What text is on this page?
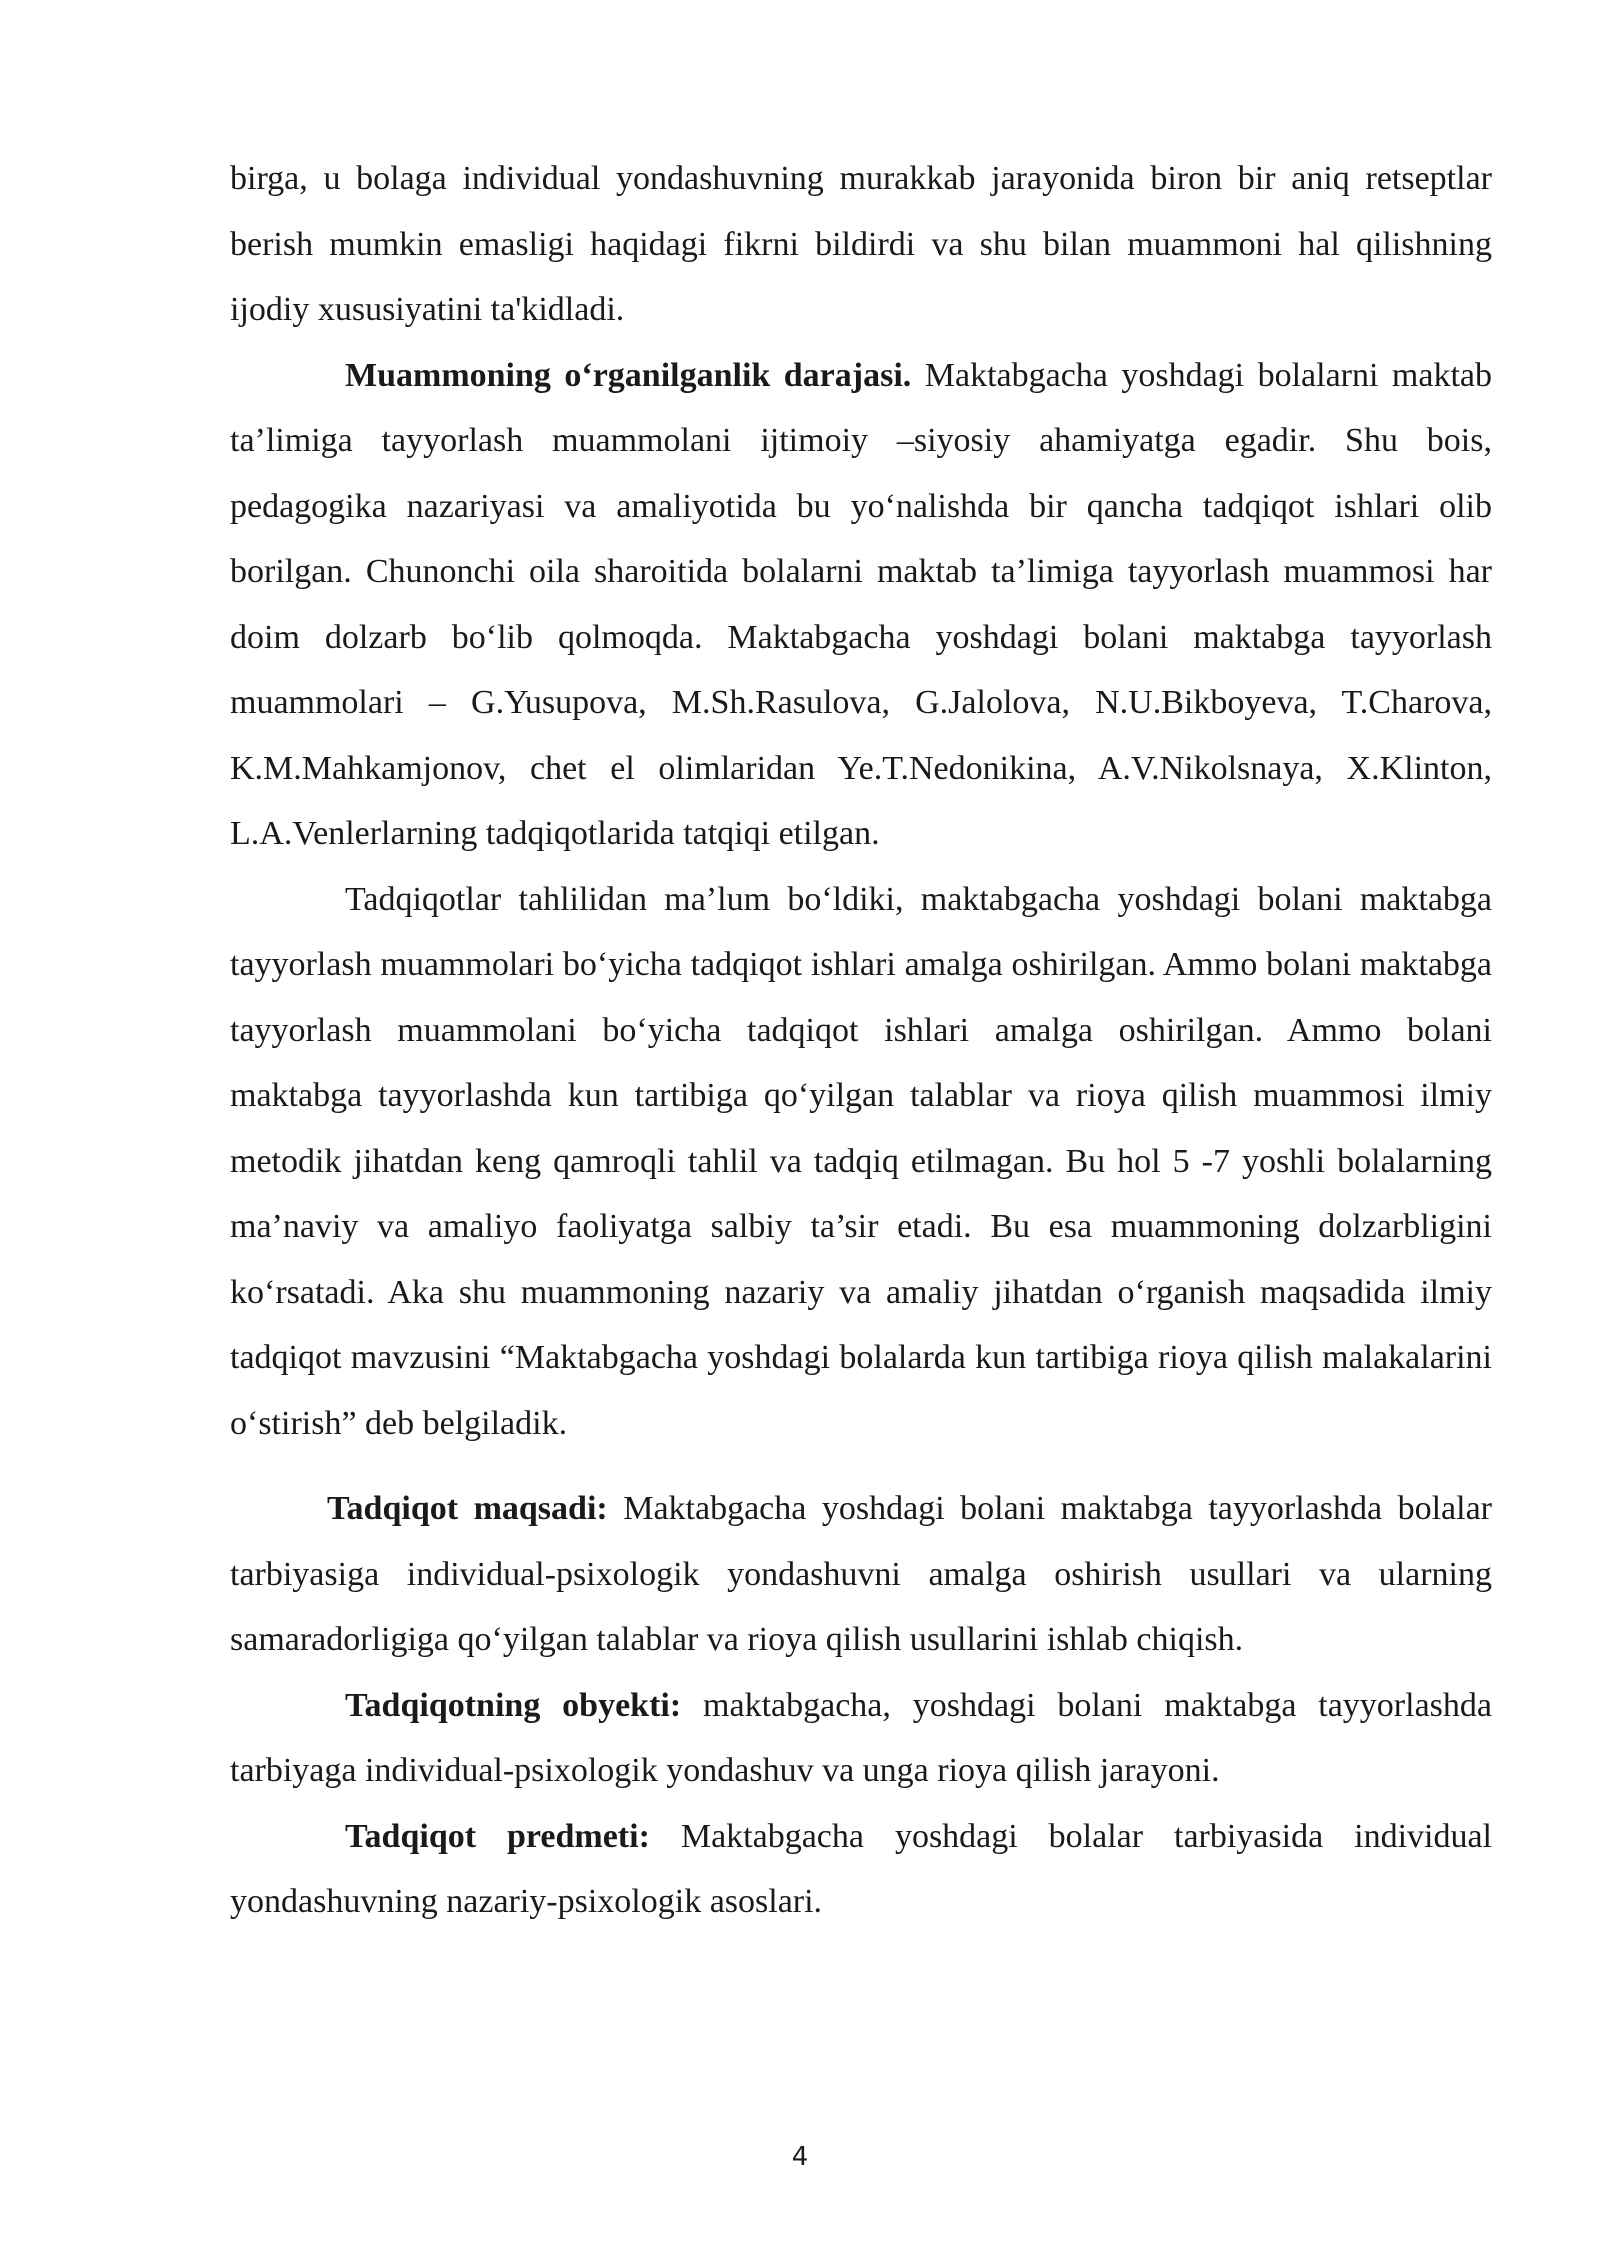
birga, u bolaga individual yondashuvning murakkab jarayonida biron bir aniq retseptlar berish mumkin emasligi haqidagi fikrni bildirdi va shu bilan muammoni hal qilishning ijodiy xususiyatini ta'kidladi.

Muammoning o‘rganilganlik darajasi. Maktabgacha yoshdagi bolalarni maktab ta’limiga tayyorlash muammolani ijtimoiy –siyosiy ahamiyatga egadir. Shu bois, pedagogika nazariyasi va amaliyotida bu yo‘nalishda bir qancha tadqiqot ishlari olib borilgan. Chunonchi oila sharoitida bolalarni maktab ta’limiga tayyorlash muammosi har doim dolzarb bo‘lib qolmoqda. Maktabgacha yoshdagi bolani maktabga tayyorlash muammolari – G.Yusupova, M.Sh.Rasulova, G.Jalolova, N.U.Bikboyeva, T.Charova, K.M.Mahkamjonov, chet el olimlaridan Ye.T.Nedonikina, A.V.Nikolsnaya, X.Klinton, L.A.Venlerlarning tadqiqotlarida tatqiqi etilgan.

Tadqiqotlar tahlilidan ma’lum bo‘ldiki, maktabgacha yoshdagi bolani maktabga tayyorlash muammolari bo‘yicha tadqiqot ishlari amalga oshirilgan. Ammo bolani maktabga tayyorlash muammolani bo‘yicha tadqiqot ishlari amalga oshirilgan. Ammo bolani maktabga tayyorlashda kun tartibiga qo‘yilgan talablar va rioya qilish muammosi ilmiy metodik jihatdan keng qamroqli tahlil va tadqiq etilmagan. Bu hol 5 -7 yoshli bolalarning ma’naviy va amaliyo faoliyatga salbiy ta’sir etadi. Bu esa muammoning dolzarbligini ko‘rsatadi. Aka shu muammoning nazariy va amaliy jihatdan o‘rganish maqsadida ilmiy tadqiqot mavzusini “Maktabgacha yoshdagi bolalarda kun tartibiga rioya qilish malakalarini o‘stirish” deb belgiladik.

Tadqiqot maqsadi: Maktabgacha yoshdagi bolani maktabga tayyorlashda bolalar tarbiyasiga individual-psixologik yondashuvni amalga oshirish usullari va ularning samaradorligiga qo‘yilgan talablar va rioya qilish usullarini ishlab chiqish.

Tadqiqotning obyekti: maktabgacha, yoshdagi bolani maktabga tayyorlashda tarbiyaga individual-psixologik yondashuv va unga rioya qilish jarayoni.

Tadqiqot predmeti: Maktabgacha yoshdagi bolalar tarbiyasida individual yondashuvning nazariy-psixologik asoslari.

4
